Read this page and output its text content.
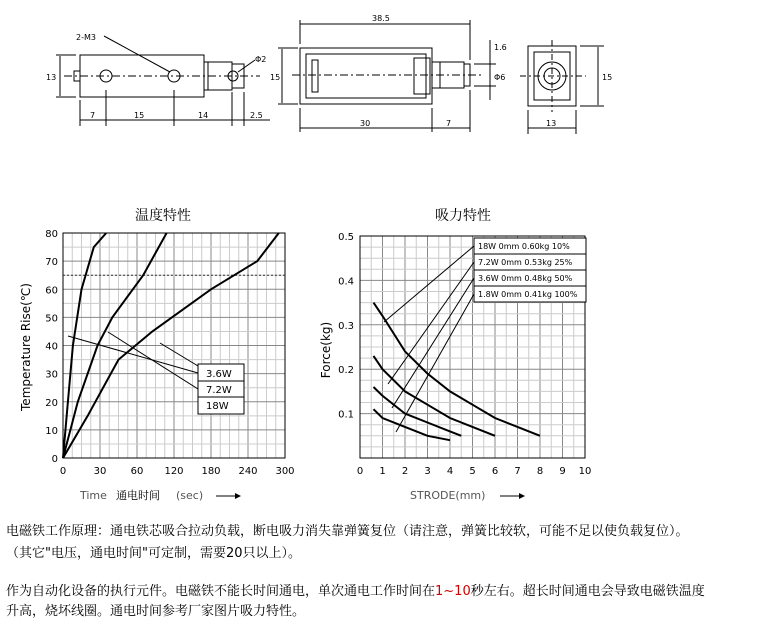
2-M3
Φ2
13
7	15	14	2.5
38.5
15
1.6
Φ6
30	7
15
13
温度特性
0	30 60 120 180 240 300
0
10
20
30
40
50
60
70
80
Temperature Rise(℃)
Time 通电时间 (sec)
3.6W
7.2W
18W
吸力特性
0 1 2 3 4 5 6 7 8 9 10
0.1
0.2
0.3
0.4
0.5
Force(kg)
STRODE(mm)
18W 0mm 0.60kg 10%
7.2W 0mm 0.53kg 25%
3.6W 0mm 0.48kg 50%
1.8W 0mm 0.41kg 100%
电磁铁工作原理：通电铁芯吸合拉动负载，断电吸力消失靠弹簧复位（请注意，弹簧比较软，可能不足以使负载复位）。
（其它"电压，通电时间"可定制，需要20只以上）。
作为自动化设备的执行元件。电磁铁不能长时间通电，单次通电工作时间在1~10秒左右。超长时间通电会导致电磁铁温度
升高，烧坏线圈。通电时间参考厂家图片吸力特性。
